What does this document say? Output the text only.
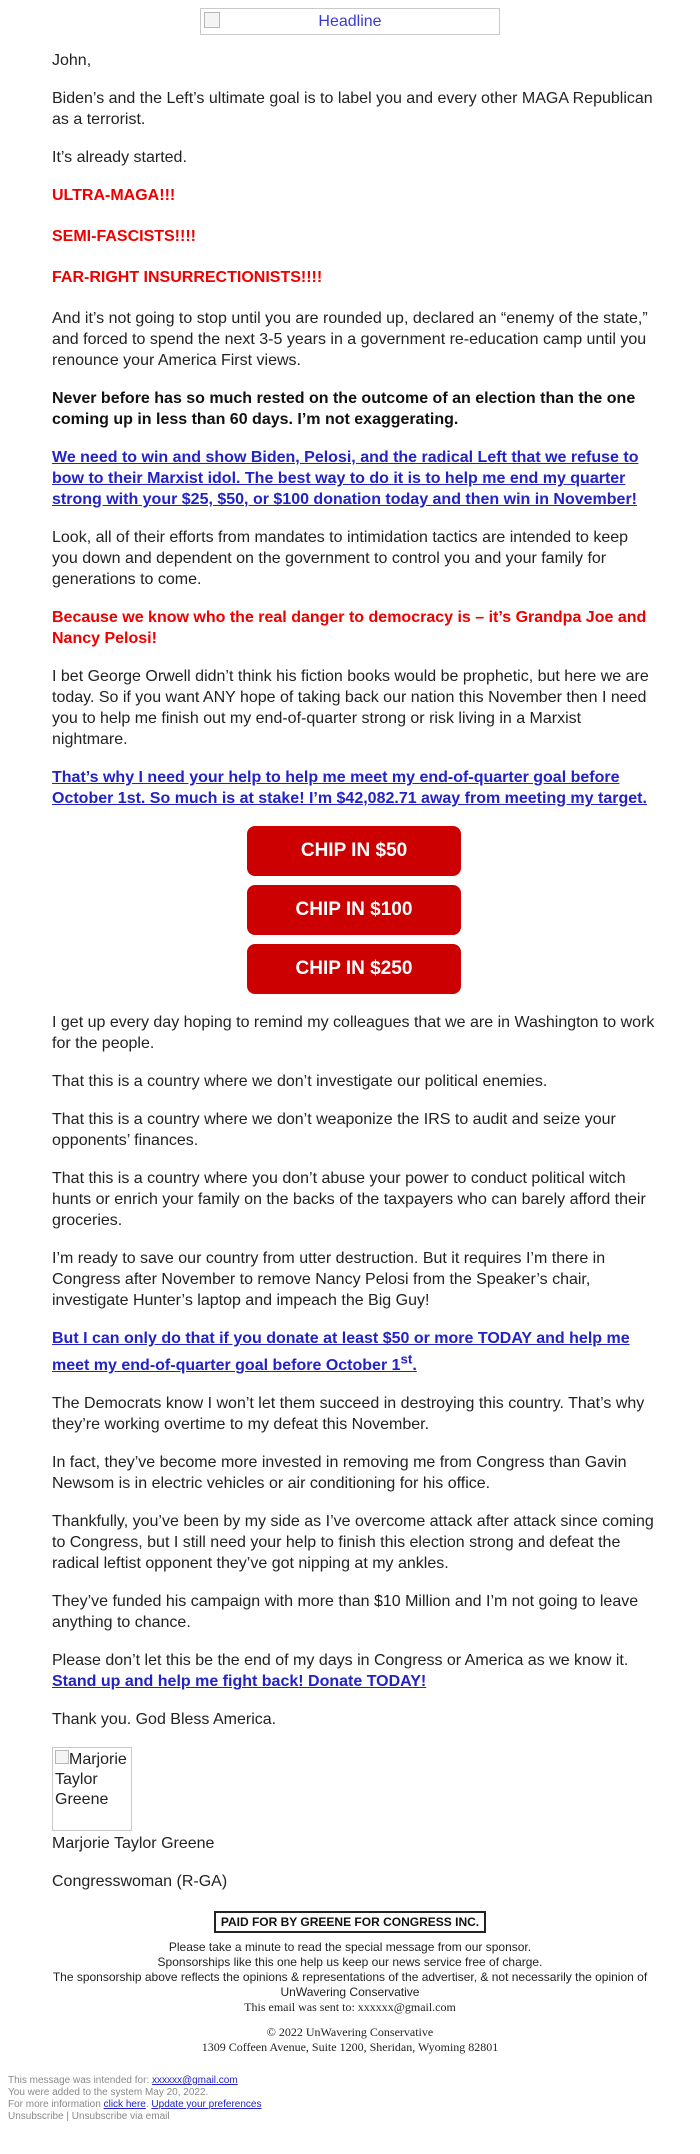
Headline

John,

Biden’s and the Left’s ultimate goal is to label you and every other MAGA Republican as a terrorist.

It’s already started.

ULTRA-MAGA!!!

SEMI-FASCISTS!!!!

FAR-RIGHT INSURRECTIONISTS!!!!

And it’s not going to stop until you are rounded up, declared an “enemy of the state,” and forced to spend the next 3-5 years in a government re-education camp until you renounce your America First views.

Never before has so much rested on the outcome of an election than the one coming up in less than 60 days. I’m not exaggerating.

We need to win and show Biden, Pelosi, and the radical Left that we refuse to bow to their Marxist idol. The best way to do it is to help me end my quarter strong with your $25, $50, or $100 donation today and then win in November!

Look, all of their efforts from mandates to intimidation tactics are intended to keep you down and dependent on the government to control you and your family for generations to come.

Because we know who the real danger to democracy is – it’s Grandpa Joe and Nancy Pelosi!

I bet George Orwell didn’t think his fiction books would be prophetic, but here we are today. So if you want ANY hope of taking back our nation this November then I need you to help me finish out my end-of-quarter strong or risk living in a Marxist nightmare.

That’s why I need your help to help me meet my end-of-quarter goal before October 1st. So much is at stake! I’m $42,082.71 away from meeting my target.

CHIP IN $50
CHIP IN $100
CHIP IN $250

I get up every day hoping to remind my colleagues that we are in Washington to work for the people.

That this is a country where we don’t investigate our political enemies.

That this is a country where we don’t weaponize the IRS to audit and seize your opponents’ finances.

That this is a country where you don’t abuse your power to conduct political witch hunts or enrich your family on the backs of the taxpayers who can barely afford their groceries.

I’m ready to save our country from utter destruction. But it requires I’m there in Congress after November to remove Nancy Pelosi from the Speaker’s chair, investigate Hunter’s laptop and impeach the Big Guy!

But I can only do that if you donate at least $50 or more TODAY and help me meet my end-of-quarter goal before October 1st.

The Democrats know I won’t let them succeed in destroying this country. That’s why they’re working overtime to my defeat this November.

In fact, they’ve become more invested in removing me from Congress than Gavin Newsom is in electric vehicles or air conditioning for his office.

Thankfully, you’ve been by my side as I’ve overcome attack after attack since coming to Congress, but I still need your help to finish this election strong and defeat the radical leftist opponent they’ve got nipping at my ankles.

They’ve funded his campaign with more than $10 Million and I’m not going to leave anything to chance.

Please don’t let this be the end of my days in Congress or America as we know it. Stand up and help me fight back! Donate TODAY!

Thank you. God Bless America.

Marjorie Taylor Greene

Marjorie Taylor Greene

Congresswoman (R-GA)

PAID FOR BY GREENE FOR CONGRESS INC.

Please take a minute to read the special message from our sponsor.

Sponsorships like this one help us keep our news service free of charge.

The sponsorship above reflects the opinions & representations of the advertiser, & not necessarily the opinion of UnWavering Conservative

This email was sent to: xxxxxx@gmail.com

© 2022 UnWavering Conservative

1309 Coffeen Avenue, Suite 1200, Sheridan, Wyoming 82801

This message was intended for: xxxxxx@gmail.com

You were added to the system May 20, 2022.

For more information click here. Update your preferences

Unsubscribe | Unsubscribe via email
